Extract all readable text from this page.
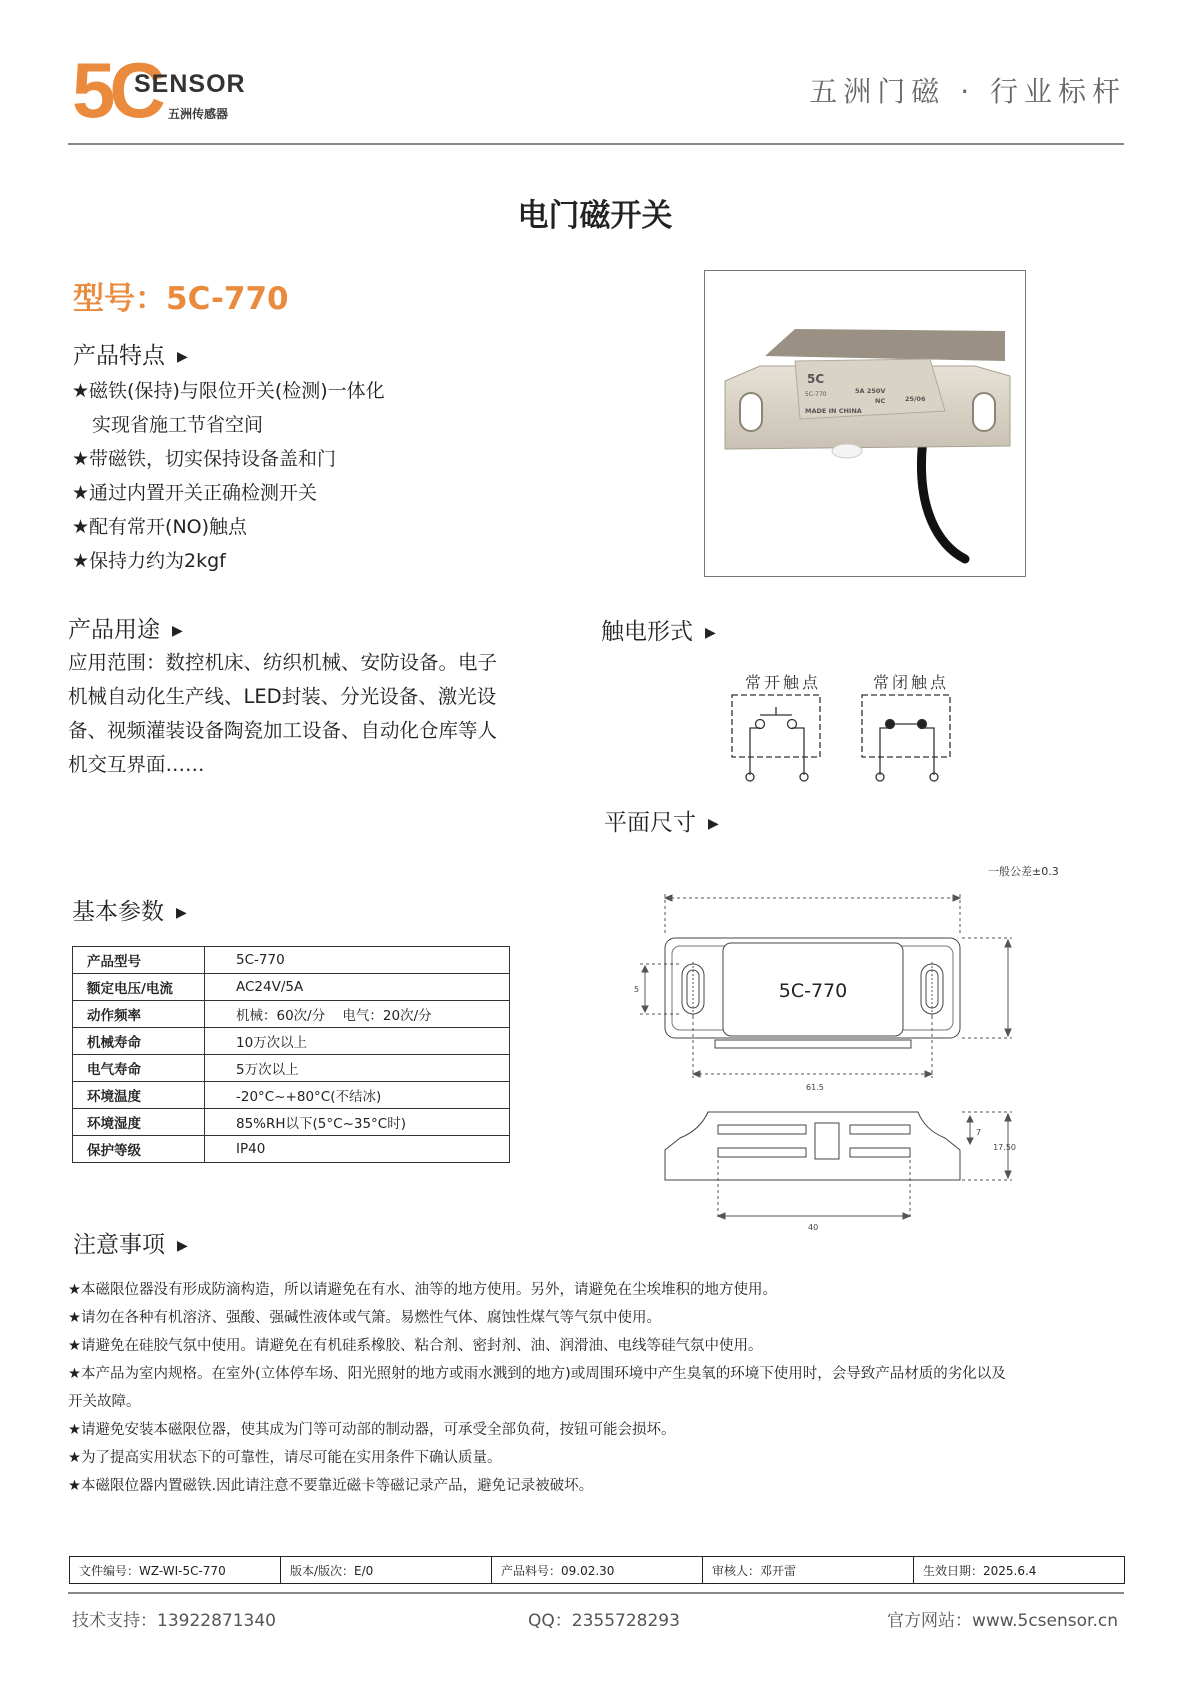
5C
SENSOR
五洲传感器
五洲门磁 · 行业标杆
电门磁开关
型号：5C-770
产品特点 ▶
★磁铁(保持)与限位开关(检测)一体化
实现省施工节省空间
★带磁铁，切实保持设备盖和门
★通过内置开关正确检测开关
★配有常开(NO)触点
★保持力约为2kgf
5C
5C-770	5A 250V
NC	25/06
MADE IN CHINA
产品用途 ▶
应用范围：数控机床、纺织机械、安防设备。电子机械自动化生产线、LED封装、分光设备、激光设备、视频灌装设备陶瓷加工设备、自动化仓库等人机交互界面……
触电形式 ▶
常开触点	常闭触点
平面尺寸 ▶
一般公差±0.3
5C-770
5
61.5
7
17.50
40
基本参数 ▶
产品型号	5C-770
额定电压/电流	AC24V/5A
动作频率	机械：60次/分    电气：20次/分
机械寿命	10万次以上
电气寿命	5万次以上
环境温度	-20°C~+80°C(不结冰)
环境湿度	85%RH以下(5°C~35°C时)
保护等级	IP40
注意事项 ▶
★本磁限位器没有形成防滴构造，所以请避免在有水、油等的地方使用。另外，请避免在尘埃堆积的地方使用。
★请勿在各种有机溶济、强酸、强碱性液体或气箫。易燃性气体、腐蚀性煤气等气氛中使用。
★请避免在硅胶气氛中使用。请避免在有机硅系橡胶、粘合剂、密封剂、油、润滑油、电线等硅气氛中使用。
★本产品为室内规格。在室外(立体停车场、阳光照射的地方或雨水溅到的地方)或周围环境中产生臭氧的环境下使用时，会导致产品材质的劣化以及
开关故障。
★请避免安装本磁限位器，使其成为门等可动部的制动器，可承受全部负荷，按钮可能会损坏。
★为了提高实用状态下的可靠性，请尽可能在实用条件下确认质量。
★本磁限位器内置磁铁.因此请注意不要靠近磁卡等磁记录产品，避免记录被破坏。
文件编号：WZ-WI-5C-770	版本/版次：E/0	产品料号：09.02.30	审核人：邓开雷	生效日期：2025.6.4
技术支持：13922871340	QQ：2355728293	官方网站：www.5csensor.cn
